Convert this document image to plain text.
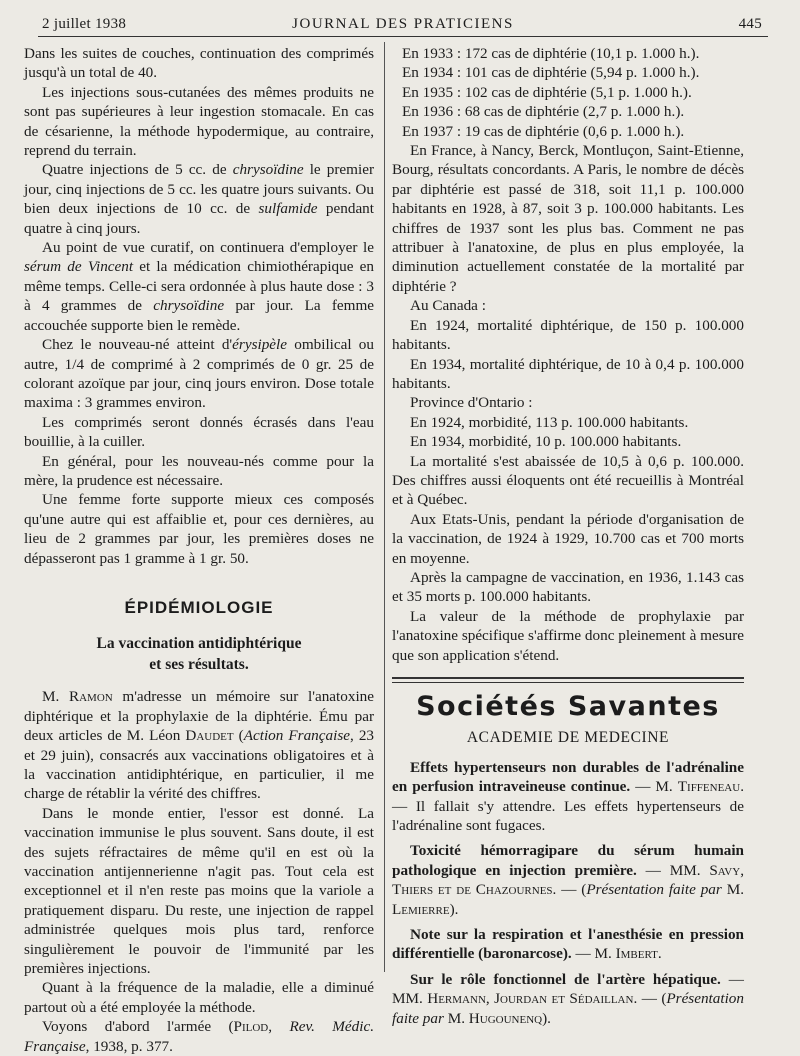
2 juillet 1938	JOURNAL DES PRATICIENS	445

Dans les suites de couches, continuation des comprimés jusqu'à un total de 40.

Les injections sous-cutanées des mêmes produits ne sont pas supérieures à leur ingestion stomacale. En cas de césarienne, la méthode hypodermique, au contraire, reprend du terrain.

Quatre injections de 5 cc. de chrysoïdine le premier jour, cinq injections de 5 cc. les quatre jours suivants. Ou bien deux injections de 10 cc. de sulfamide pendant quatre à cinq jours.

Au point de vue curatif, on continuera d'employer le sérum de Vincent et la médication chimiothérapique en même temps. Celle-ci sera ordonnée à plus haute dose : 3 à 4 grammes de chrysoïdine par jour. La femme accouchée supporte bien le remède.

Chez le nouveau-né atteint d'érysipèle ombilical ou autre, 1/4 de comprimé à 2 comprimés de 0 gr. 25 de colorant azoïque par jour, cinq jours environ. Dose totale maxima : 3 grammes environ.

Les comprimés seront donnés écrasés dans l'eau bouillie, à la cuiller.

En général, pour les nouveau-nés comme pour la mère, la prudence est nécessaire.

Une femme forte supporte mieux ces composés qu'une autre qui est affaiblie et, pour ces dernières, au lieu de 2 grammes par jour, les premières doses ne dépasseront pas 1 gramme à 1 gr. 50.

ÉPIDÉMIOLOGIE
La vaccination antidiphtérique
et ses résultats.

M. Ramon m'adresse un mémoire sur l'anatoxine diphtérique et la prophylaxie de la diphtérie. Ému par deux articles de M. Léon Daudet (Action Française, 23 et 29 juin), consacrés aux vaccinations obligatoires et à la vaccination antidiphtérique, en particulier, il me charge de rétablir la vérité des chiffres.

Dans le monde entier, l'essor est donné. La vaccination immunise le plus souvent. Sans doute, il est des sujets réfractaires de même qu'il en est où la vaccination antijennerienne n'agit pas. Tout cela est exceptionnel et il n'en reste pas moins que la variole a pratiquement disparu. Du reste, une injection de rappel administrée quelques mois plus tard, renforce singulièrement le pouvoir de l'immunité par les premières injections.

Quant à la fréquence de la maladie, elle a diminué partout où a été employée la méthode.

Voyons d'abord l'armée (Pilod, Rev. Médic. Française, 1938, p. 377.

En 1933 : 172 cas de diphtérie (10,1 p. 1.000 h.).
En 1934 : 101 cas de diphtérie (5,94 p. 1.000 h.).
En 1935 : 102 cas de diphtérie (5,1 p. 1.000 h.).
En 1936 : 68 cas de diphtérie (2,7 p. 1.000 h.).
En 1937 : 19 cas de diphtérie (0,6 p. 1.000 h.).

En France, à Nancy, Berck, Montluçon, Saint-Etienne, Bourg, résultats concordants. A Paris, le nombre de décès par diphtérie est passé de 318, soit 11,1 p. 100.000 habitants en 1928, à 87, soit 3 p. 100.000 habitants. Les chiffres de 1937 sont les plus bas. Comment ne pas attribuer à l'anatoxine, de plus en plus employée, la diminution actuellement constatée de la mortalité par diphtérie ?

Au Canada :

En 1924, mortalité diphtérique, de 150 p. 100.000 habitants.

En 1934, mortalité diphtérique, de 10 à 0,4 p. 100.000 habitants.

Province d'Ontario :

En 1924, morbidité, 113 p. 100.000 habitants.

En 1934, morbidité, 10 p. 100.000 habitants.

La mortalité s'est abaissée de 10,5 à 0,6 p. 100.000. Des chiffres aussi éloquents ont été recueillis à Montréal et à Québec.

Aux Etats-Unis, pendant la période d'organisation de la vaccination, de 1924 à 1929, 10.700 cas et 700 morts en moyenne.

Après la campagne de vaccination, en 1936, 1.143 cas et 35 morts p. 100.000 habitants.

La valeur de la méthode de prophylaxie par l'anatoxine spécifique s'affirme donc pleinement à mesure que son application s'étend.

Sociétés Savantes
ACADEMIE DE MEDECINE

Effets hypertenseurs non durables de l'adrénaline en perfusion intraveineuse continue. — M. Tiffeneau. — Il fallait s'y attendre. Les effets hypertenseurs de l'adrénaline sont fugaces.

Toxicité hémorragipare du sérum humain pathologique en injection première. — MM. Savy, Thiers et de Chazournes. — (Présentation faite par M. Lemierre).

Note sur la respiration et l'anesthésie en pression différentielle (baronarcose). — M. Imbert.

Sur le rôle fonctionnel de l'artère hépatique. — MM. Hermann, Jourdan et Sédaillan. — (Présentation faite par M. Hugounenq).
